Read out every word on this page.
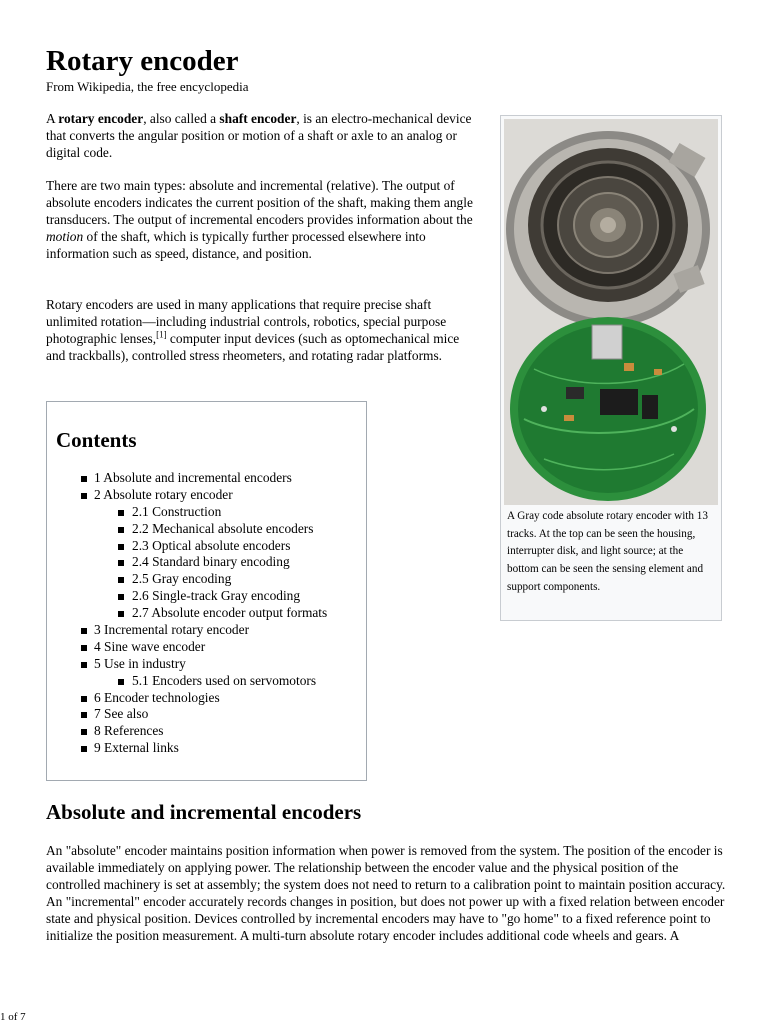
Rotary encoder
From Wikipedia, the free encyclopedia

A rotary encoder, also called a shaft encoder, is an electro-mechanical device that converts the angular position or motion of a shaft or axle to an analog or digital code.

There are two main types: absolute and incremental (relative). The output of absolute encoders indicates the current position of the shaft, making them angle transducers. The output of incremental encoders provides information about the motion of the shaft, which is typically further processed elsewhere into information such as speed, distance, and position.

Rotary encoders are used in many applications that require precise shaft unlimited rotation—including industrial controls, robotics, special purpose photographic lenses,[1] computer input devices (such as optomechanical mice and trackballs), controlled stress rheometers, and rotating radar platforms.

A Gray code absolute rotary encoder with 13 tracks. At the top can be seen the housing, interrupter disk, and light source; at the bottom can be seen the sensing element and support components.
Contents
1 Absolute and incremental encoders
2 Absolute rotary encoder
2.1 Construction
2.2 Mechanical absolute encoders
2.3 Optical absolute encoders
2.4 Standard binary encoding
2.5 Gray encoding
2.6 Single-track Gray encoding
2.7 Absolute encoder output formats
3 Incremental rotary encoder
4 Sine wave encoder
5 Use in industry
5.1 Encoders used on servomotors
6 Encoder technologies
7 See also
8 References
9 External links
Absolute and incremental encoders

An "absolute" encoder maintains position information when power is removed from the system. The position of the encoder is available immediately on applying power. The relationship between the encoder value and the physical position of the controlled machinery is set at assembly; the system does not need to return to a calibration point to maintain position accuracy. An "incremental" encoder accurately records changes in position, but does not power up with a fixed relation between encoder state and physical position. Devices controlled by incremental encoders may have to "go home" to a fixed reference point to initialize the position measurement. A multi-turn absolute rotary encoder includes additional code wheels and gears. A

1 of 7
